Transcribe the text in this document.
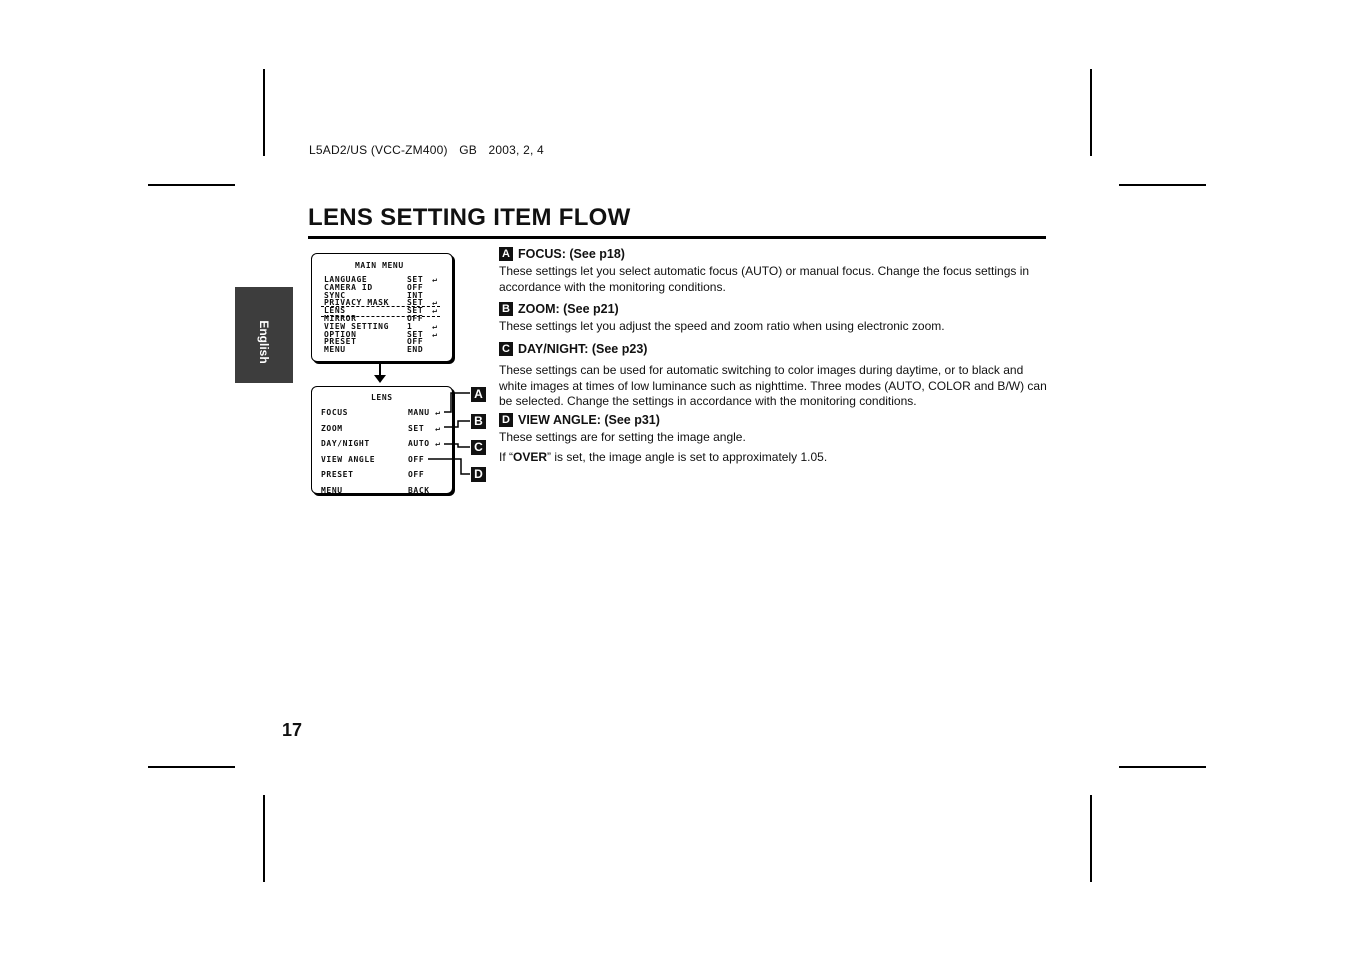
L5AD2/US (VCC-ZM400) GB 2003, 2, 4
LENS SETTING ITEM FLOW
English
17
MAIN MENU
LANGUAGE	SET ↵
CAMERA ID	OFF
SYNC	INT
PRIVACY MASK SET ↵
LENS	SET ↵
MIRROR	OFF
VIEW SETTING 1 ↵
OPTION	SET ↵
PRESET	OFF
MENU	END
LENS
FOCUS	MANU ↵
ZOOM	SET ↵
DAY/NIGHT	AUTO ↵
VIEW ANGLE	OFF
PRESET	OFF
MENU	BACK
A
B
C
D
A FOCUS: (See p18)
These settings let you select automatic focus (AUTO) or manual focus. Change the focus settings in accordance with the monitoring conditions.
B ZOOM: (See p21)
These settings let you adjust the speed and zoom ratio when using electronic zoom.
C DAY/NIGHT: (See p23)
These settings can be used for automatic switching to color images during daytime, or to black and white images at times of low luminance such as nighttime. Three modes (AUTO, COLOR and B/W) can be selected. Change the settings in accordance with the monitoring conditions.
D VIEW ANGLE: (See p31)
These settings are for setting the image angle.
If “OVER” is set, the image angle is set to approximately 1.05.
